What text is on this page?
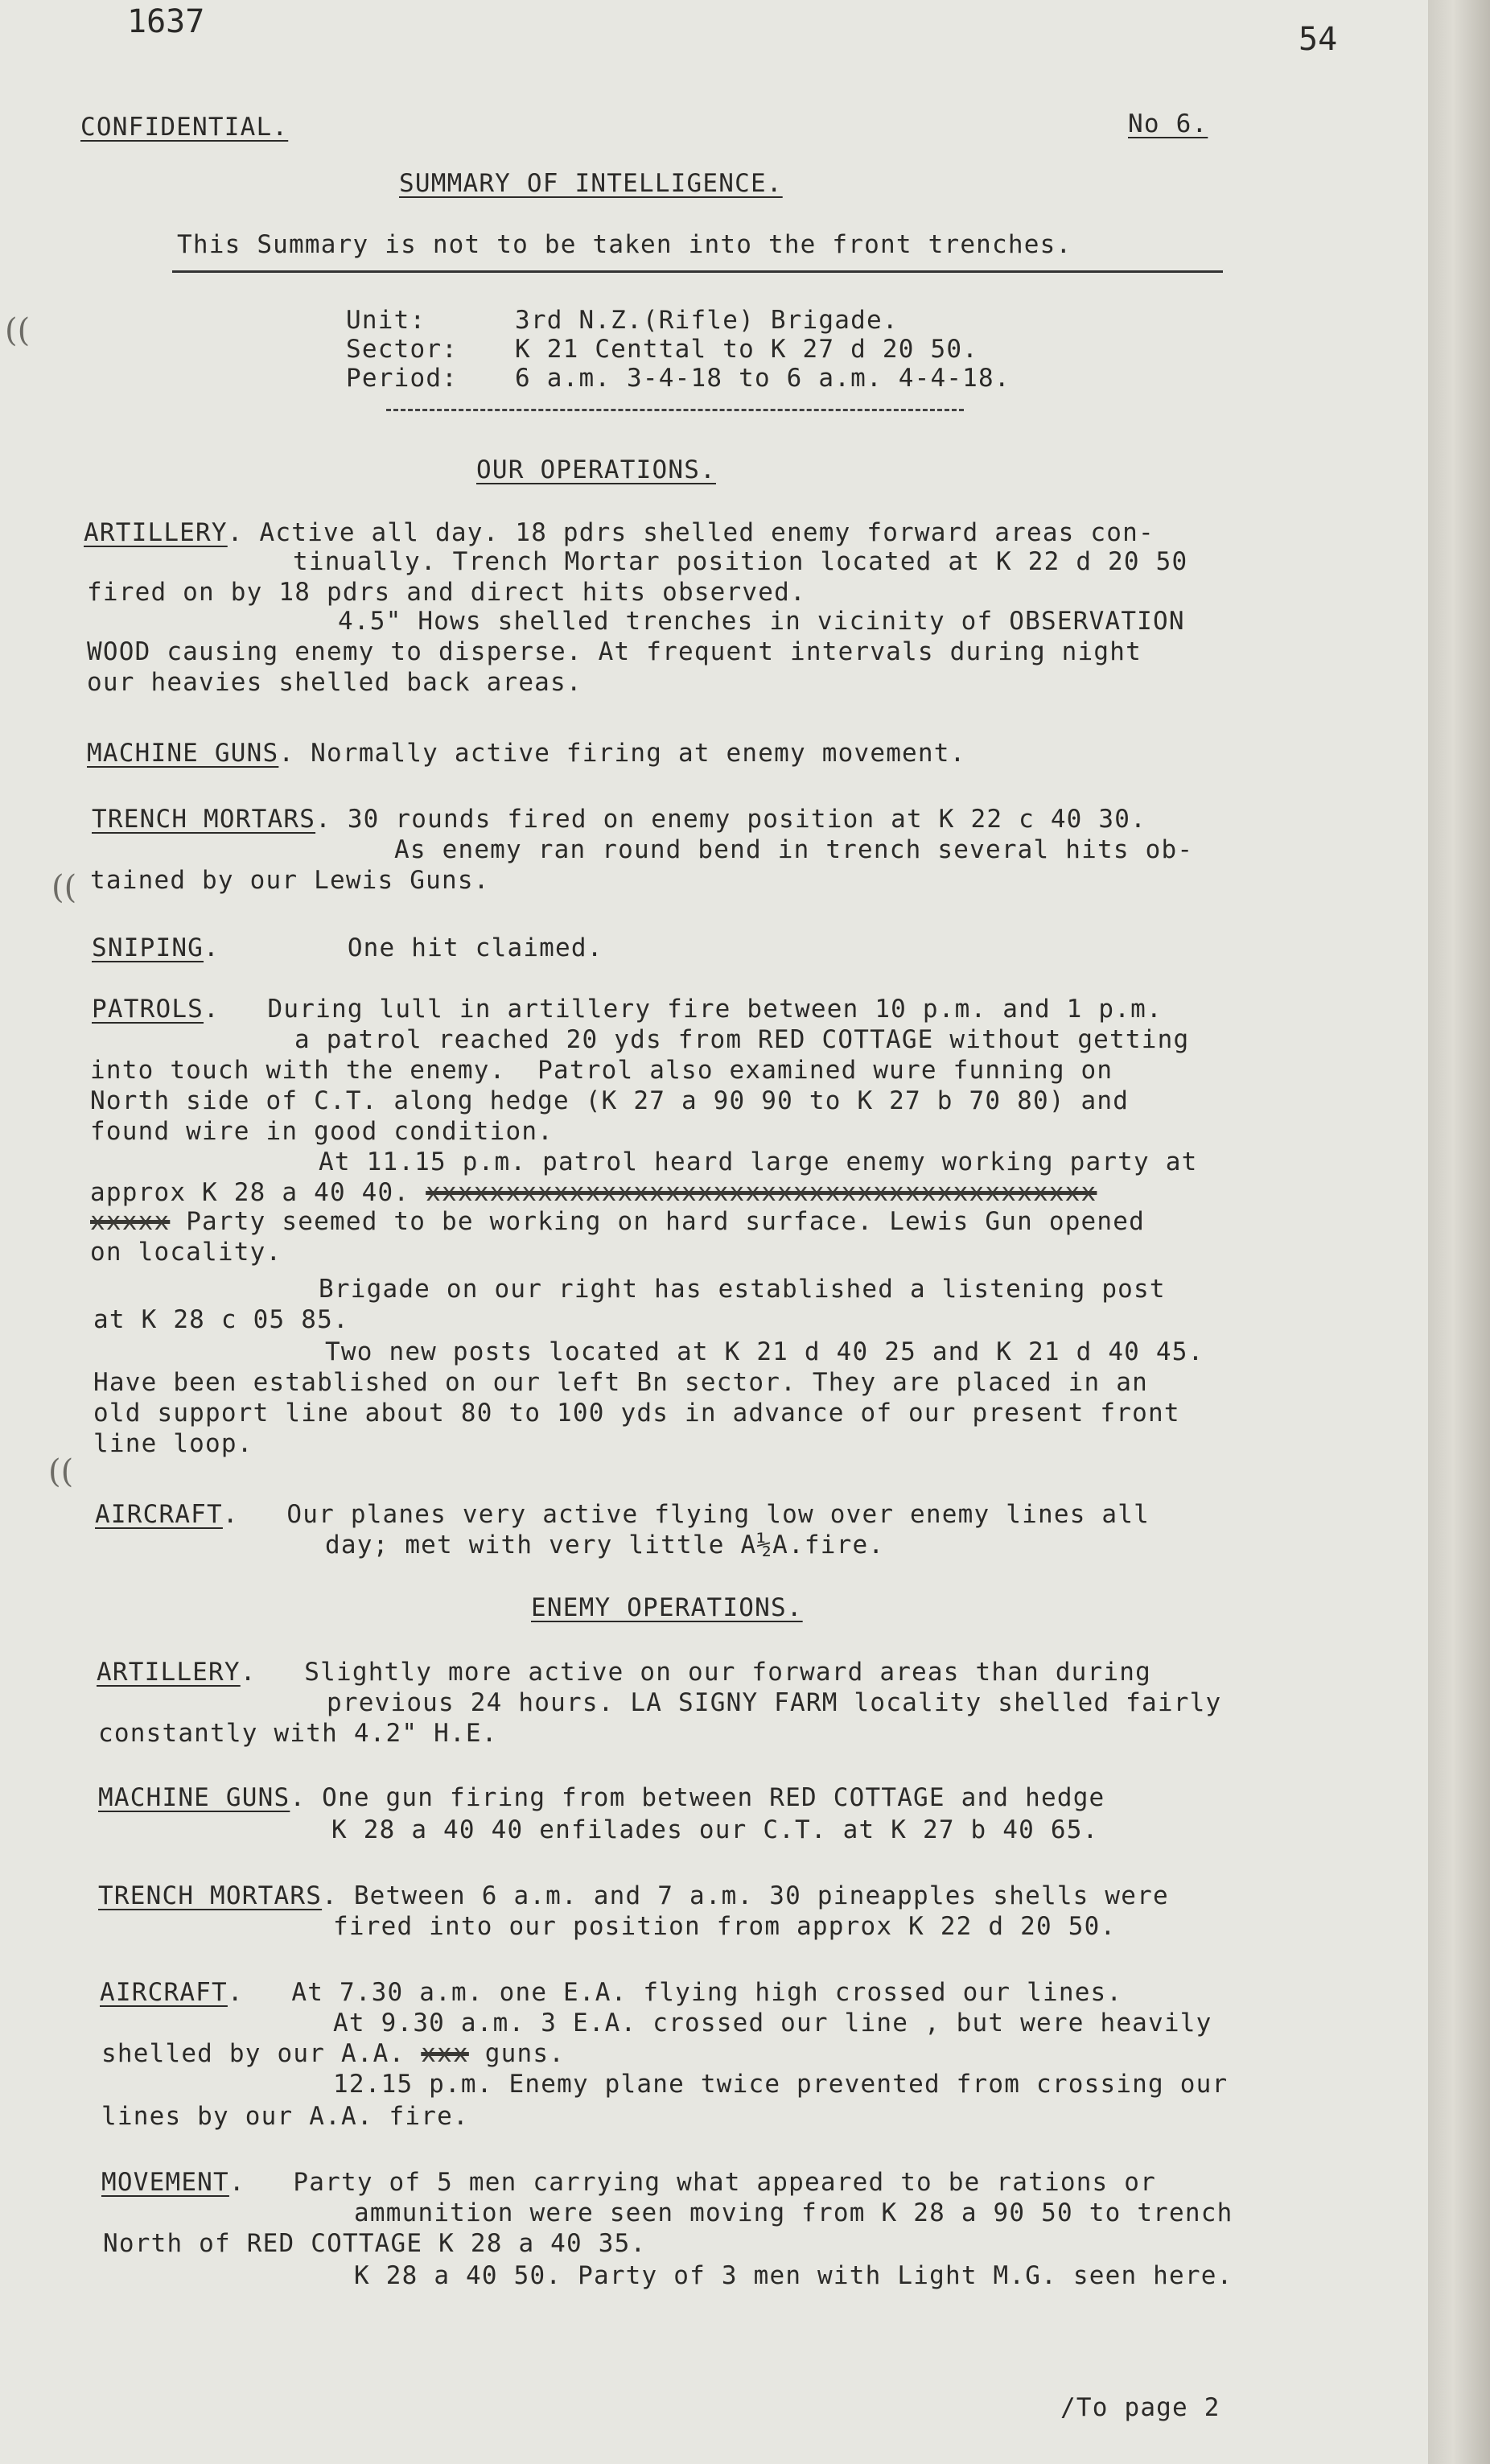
1637	54
CONFIDENTIAL.	No 6.
SUMMARY OF INTELLIGENCE.
This Summary is not to be taken into the front trenches.
Unit:	3rd N.Z.(Rifle) Brigade.
Sector: K 21 Centtal to K 27 d 20 50.
Period: 6 a.m. 3-4-18 to 6 a.m. 4-4-18.
OUR OPERATIONS.
ARTILLERY. Active all day. 18 pdrs shelled enemy forward areas con-
tinually. Trench Mortar position located at K 22 d 20 50
fired on by 18 pdrs and direct hits observed.
4.5" Hows shelled trenches in vicinity of OBSERVATION
WOOD causing enemy to disperse. At frequent intervals during night
our heavies shelled back areas.
MACHINE GUNS. Normally active firing at enemy movement.
TRENCH MORTARS. 30 rounds fired on enemy position at K 22 c 40 30.
As enemy ran round bend in trench several hits ob-
tained by our Lewis Guns.
SNIPING.        One hit claimed.
PATROLS.   During lull in artillery fire between 10 p.m. and 1 p.m.
a patrol reached 20 yds from RED COTTAGE without getting
into touch with the enemy.  Patrol also examined wure funning on
North side of C.T. along hedge (K 27 a 90 90 to K 27 b 70 80) and
found wire in good condition.
At 11.15 p.m. patrol heard large enemy working party at
approx K 28 a 40 40. xxxxxxxxxxxxxxxxxxxxxxxxxxxxxxxxxxxxxxxxxx
xxxxx Party seemed to be working on hard surface. Lewis Gun opened
on locality.
Brigade on our right has established a listening post
at K 28 c 05 85.
Two new posts located at K 21 d 40 25 and K 21 d 40 45.
Have been established on our left Bn sector. They are placed in an
old support line about 80 to 100 yds in advance of our present front
line loop.
AIRCRAFT.   Our planes very active flying low over enemy lines all
day; met with very little A½A.fire.
ENEMY OPERATIONS.
ARTILLERY.   Slightly more active on our forward areas than during
previous 24 hours. LA SIGNY FARM locality shelled fairly
constantly with 4.2" H.E.
MACHINE GUNS. One gun firing from between RED COTTAGE and hedge
K 28 a 40 40 enfilades our C.T. at K 27 b 40 65.
TRENCH MORTARS. Between 6 a.m. and 7 a.m. 30 pineapples shells were
fired into our position from approx K 22 d 20 50.
AIRCRAFT.   At 7.30 a.m. one E.A. flying high crossed our lines.
At 9.30 a.m. 3 E.A. crossed our line , but were heavily
shelled by our A.A. xxx guns.
12.15 p.m. Enemy plane twice prevented from crossing our
lines by our A.A. fire.
MOVEMENT.   Party of 5 men carrying what appeared to be rations or
ammunition were seen moving from K 28 a 90 50 to trench
North of RED COTTAGE K 28 a 40 35.
K 28 a 40 50. Party of 3 men with Light M.G. seen here.
/To page 2
((
((
((
